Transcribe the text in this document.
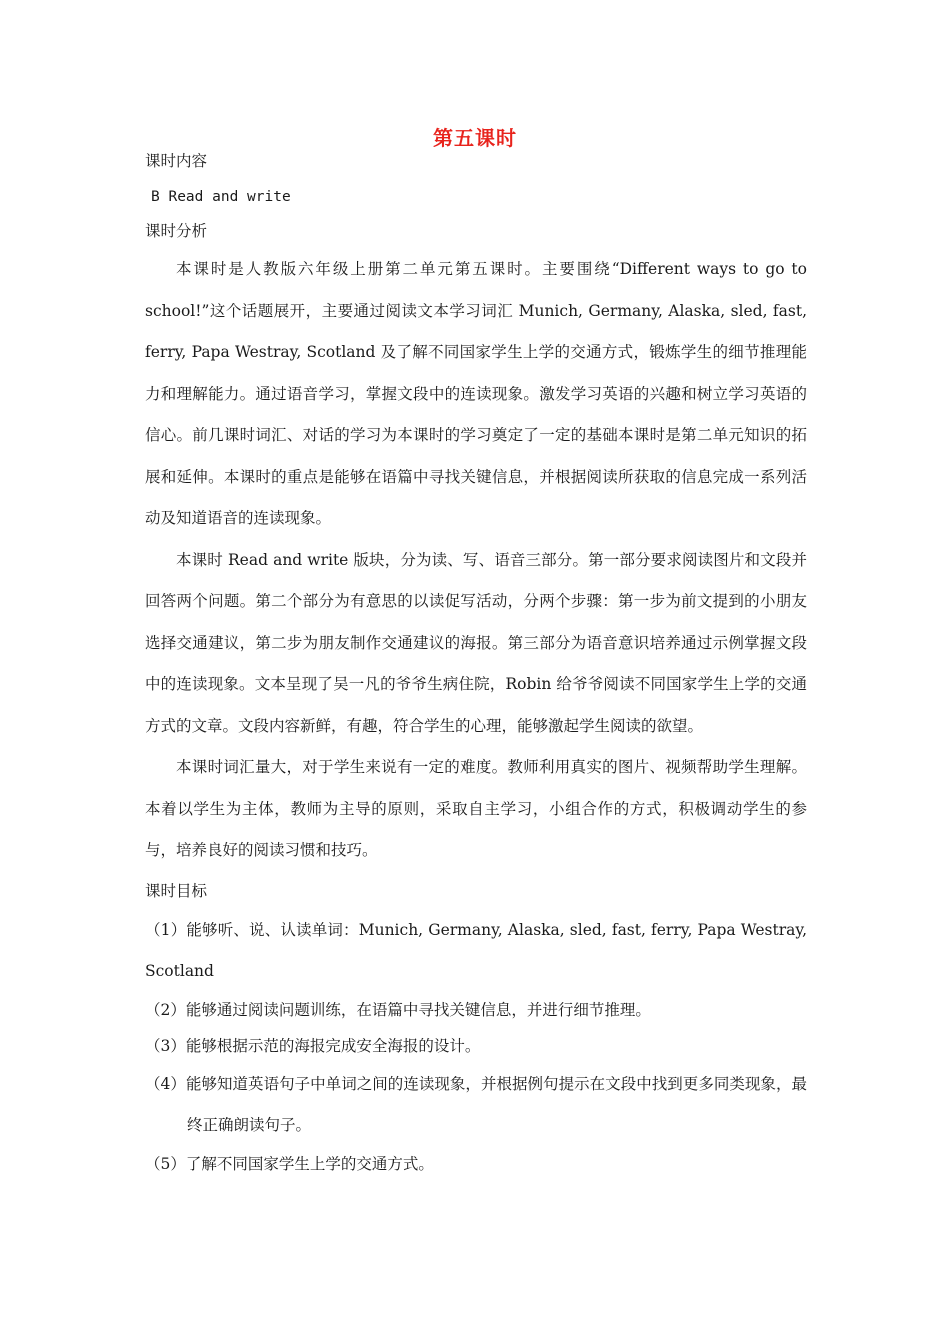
第五课时

课时内容

B Read and write

课时分析

本课时是人教版六年级上册第二单元第五课时。主要围绕“Different ways to go to school!”这个话题展开，主要通过阅读文本学习词汇 Munich, Germany, Alaska, sled, fast, ferry, Papa Westray, Scotland 及了解不同国家学生上学的交通方式，锻炼学生的细节推理能力和理解能力。通过语音学习，掌握文段中的连读现象。激发学习英语的兴趣和树立学习英语的信心。前几课时词汇、对话的学习为本课时的学习奠定了一定的基础本课时是第二单元知识的拓展和延伸。本课时的重点是能够在语篇中寻找关键信息，并根据阅读所获取的信息完成一系列活动及知道语音的连读现象。

本课时 Read and write 版块，分为读、写、语音三部分。第一部分要求阅读图片和文段并回答两个问题。第二个部分为有意思的以读促写活动，分两个步骤：第一步为前文提到的小朋友选择交通建议，第二步为朋友制作交通建议的海报。第三部分为语音意识培养通过示例掌握文段中的连读现象。文本呈现了吴一凡的爷爷生病住院，Robin 给爷爷阅读不同国家学生上学的交通方式的文章。文段内容新鲜，有趣，符合学生的心理，能够激起学生阅读的欲望。

本课时词汇量大，对于学生来说有一定的难度。教师利用真实的图片、视频帮助学生理解。本着以学生为主体，教师为主导的原则，采取自主学习，小组合作的方式，积极调动学生的参与，培养良好的阅读习惯和技巧。

课时目标

（1）能够听、说、认读单词：Munich, Germany, Alaska, sled, fast, ferry, Papa Westray, Scotland

（2）能够通过阅读问题训练，在语篇中寻找关键信息，并进行细节推理。

（3）能够根据示范的海报完成安全海报的设计。

（4）能够知道英语句子中单词之间的连读现象，并根据例句提示在文段中找到更多同类现象，最终正确朗读句子。

（5）了解不同国家学生上学的交通方式。
